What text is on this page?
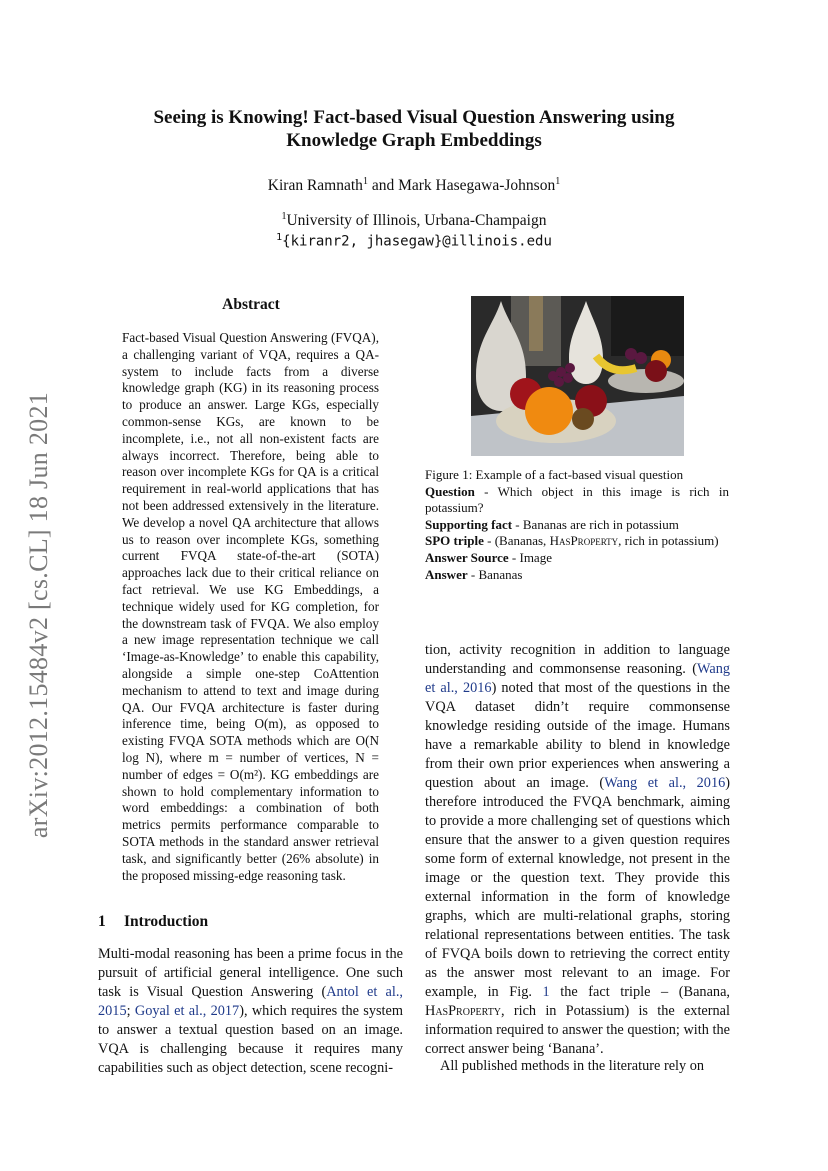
arXiv:2012.15484v2 [cs.CL] 18 Jun 2021
Seeing is Knowing! Fact-based Visual Question Answering using
Knowledge Graph Embeddings
Kiran Ramnath$^1$ and Mark Hasegawa-Johnson$^1$
$^1$University of Illinois, Urbana-Champaign
$^1${kiranr2, jhasegaw}@illinois.edu
Abstract
Fact-based Visual Question Answering (FVQA), a challenging variant of VQA, requires a QA-system to include facts from a diverse knowledge graph (KG) in its reasoning process to produce an answer. Large KGs, especially common-sense KGs, are known to be incomplete, i.e., not all non-existent facts are always incorrect. Therefore, being able to reason over incomplete KGs for QA is a critical requirement in real-world applications that has not been addressed extensively in the literature. We develop a novel QA architecture that allows us to reason over incomplete KGs, something current FVQA state-of-the-art (SOTA) approaches lack due to their critical reliance on fact retrieval. We use KG Embeddings, a technique widely used for KG completion, for the downstream task of FVQA. We also employ a new image representation technique we call ‘Image-as-Knowledge’ to enable this capability, alongside a simple one-step CoAttention mechanism to attend to text and image during QA. Our FVQA architecture is faster during inference time, being O(m), as opposed to existing FVQA SOTA methods which are O(N log N), where m = number of vertices, N = number of edges = O(m²). KG embeddings are shown to hold complementary information to word embeddings: a combination of both metrics permits performance comparable to SOTA methods in the standard answer retrieval task, and significantly better (26% absolute) in the proposed missing-edge reasoning task.
1 Introduction
Multi-modal reasoning has been a prime focus in the pursuit of artificial general intelligence. One such task is Visual Question Answering (Antol et al., 2015; Goyal et al., 2017), which requires the system to answer a textual question based on an image. VQA is challenging because it requires many capabilities such as object detection, scene recogni-
Figure 1: Example of a fact-based visual question
Question - Which object in this image is rich in potassium?
Supporting fact - Bananas are rich in potassium
SPO triple - (Bananas, HasProperty, rich in potassium)
Answer Source - Image
Answer - Bananas
tion, activity recognition in addition to language understanding and commonsense reasoning. (Wang et al., 2016) noted that most of the questions in the VQA dataset didn’t require commonsense knowledge residing outside of the image. Humans have a remarkable ability to blend in knowledge from their own prior experiences when answering a question about an image. (Wang et al., 2016) therefore introduced the FVQA benchmark, aiming to provide a more challenging set of questions which ensure that the answer to a given question requires some form of external knowledge, not present in the image or the question text. They provide this external information in the form of knowledge graphs, which are multi-relational graphs, storing relational representations between entities. The task of FVQA boils down to retrieving the correct entity as the answer most relevant to an image. For example, in Fig. 1 the fact triple – (Banana, HasProperty, rich in Potassium) is the external information required to answer the question; with the correct answer being ‘Banana’.
All published methods in the literature rely on
